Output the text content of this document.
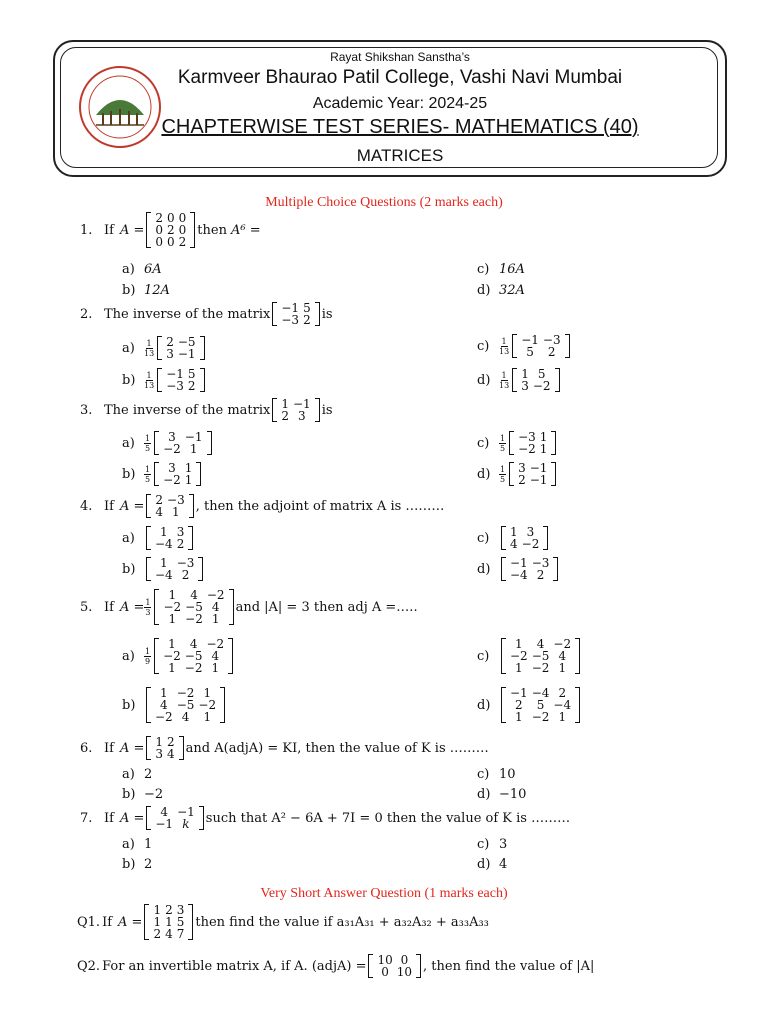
Rayat Shikshan Sanstha’s
Karmveer Bhaurao Patil College, Vashi Navi Mumbai
Academic Year: 2024-25
CHAPTERWISE TEST SERIES- MATHEMATICS (40)
MATRICES
Multiple Choice Questions (2 marks each)
1. If A =
2 0 0
0 2 0
0 0 2
then A⁶ =
a) 6A
b) 12A
c) 16A
d) 32A
2. The inverse of the matrix −1 5
−3 2 is
a)	$\frac{1}{13} 2 -5$
3 −1
b)	$\frac{1}{13} -1$ 5
−3 2
c)	$\frac{1}{13} -1 -3$
5	2
d)	$\frac{1}{13} 1$ 5
3 −2
3. The inverse of the matrix 1 −1
2 3	is
a)	$\frac{1}{5}$	3 −1
−2 1
b)	$\frac{1}{5}$	3 1
−2 1
c)	$\frac{1}{5} -3$ 1
−2 1
d)	$\frac{1}{5} 3 -1$
2 −1
4. If A = 2 −3
4 1	, then the adjoint of matrix A is ………
a)	1 3
−4 2
b)	1 −3
−4 2
c)	1 3
4 −2
d)	−1 −3
−4 2
5. If $A = \frac{1}{3}$
1	4 −2
−2 −5 4
1 −2 1
and |A| = 3 then adj A =…..
a)	$\frac{1}{9}$
1	4 −2
−2 −5 4
1 −2 1
b)
1 −2 1
4 −5 −2
−2 4	1
c)
1	4 −2
−2 −5 4
1 −2 1
d)
−1 −4 2
2	5 −4
1 −2 1
6. If A = 1 2
3 4 and A(adjA) = KI, then the value of K is ………
a) 2
b) −2
c) 10
d) −10
7. If A =	4 −1
−1 k	such that A² − 6A + 7I = 0 then the value of K is ………
a) 1
b) 2
c) 3
d) 4
Very Short Answer Question (1 marks each)
Q1. If A =
1 2 3
1 1 5
2 4 7
then find the value if a₃₁A₃₁ + a₃₂A₃₂ + a₃₃A₃₃
Q2. For an invertible matrix A, if A. (adjA) = 10 0
0 10 , then find the value of |A|
